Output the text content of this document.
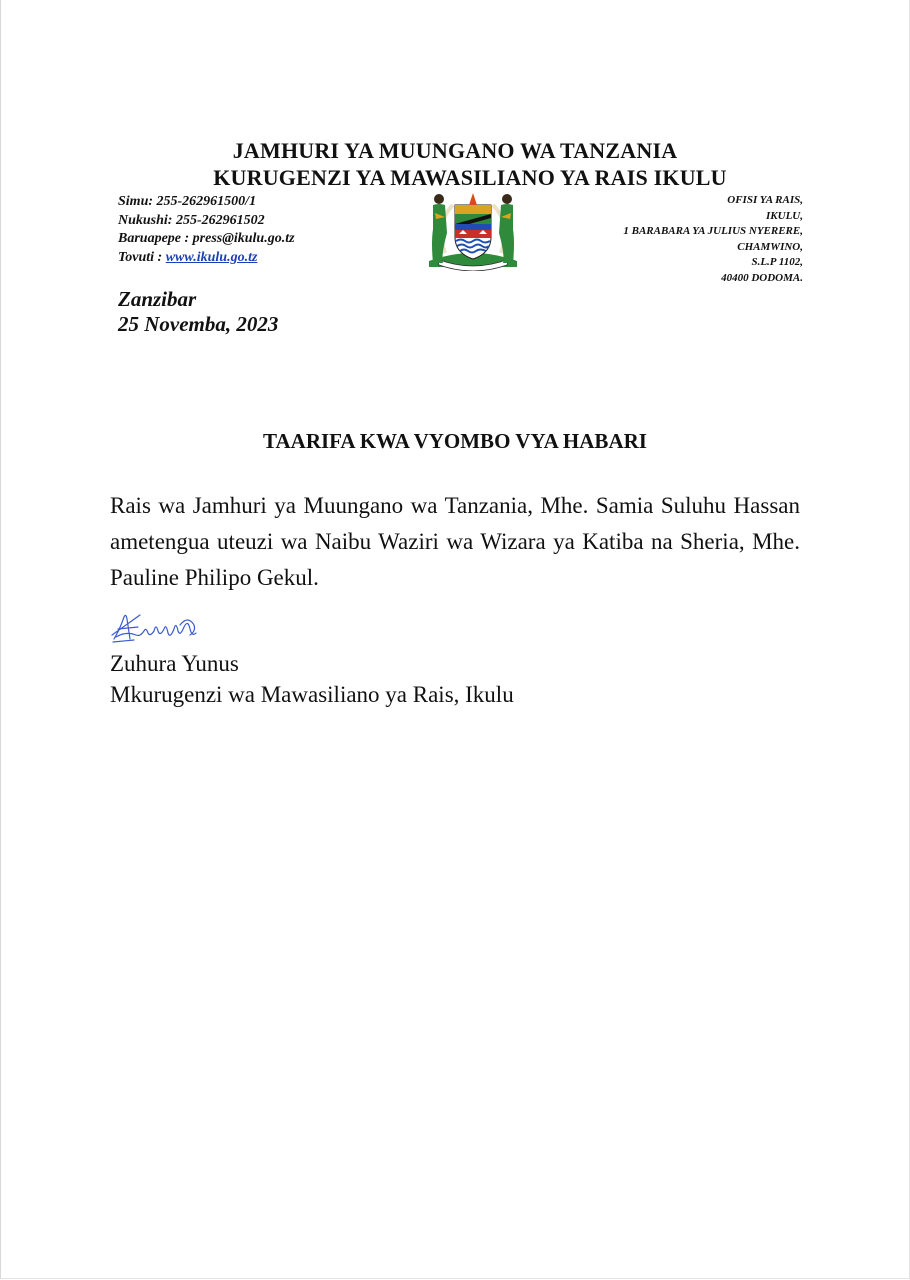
JAMHURI YA MUUNGANO WA TANZANIA
KURUGENZI YA MAWASILIANO YA RAIS IKULU
Simu: 255-262961500/1
Nukushi: 255-262961502
Baruapepe : press@ikulu.go.tz
Tovuti : www.ikulu.go.tz
OFISI YA RAIS,
IKULU,
1 BARABARA YA JULIUS NYERERE,
CHAMWINO,
S.L.P 1102,
40400 DODOMA.
Zanzibar
25 Novemba, 2023
TAARIFA KWA VYOMBO VYA HABARI
Rais wa Jamhuri ya Muungano wa Tanzania, Mhe. Samia Suluhu Hassan ametengua uteuzi wa Naibu Waziri wa Wizara ya Katiba na Sheria, Mhe. Pauline Philipo Gekul.
Zuhura Yunus
Mkurugenzi wa Mawasiliano ya Rais, Ikulu
